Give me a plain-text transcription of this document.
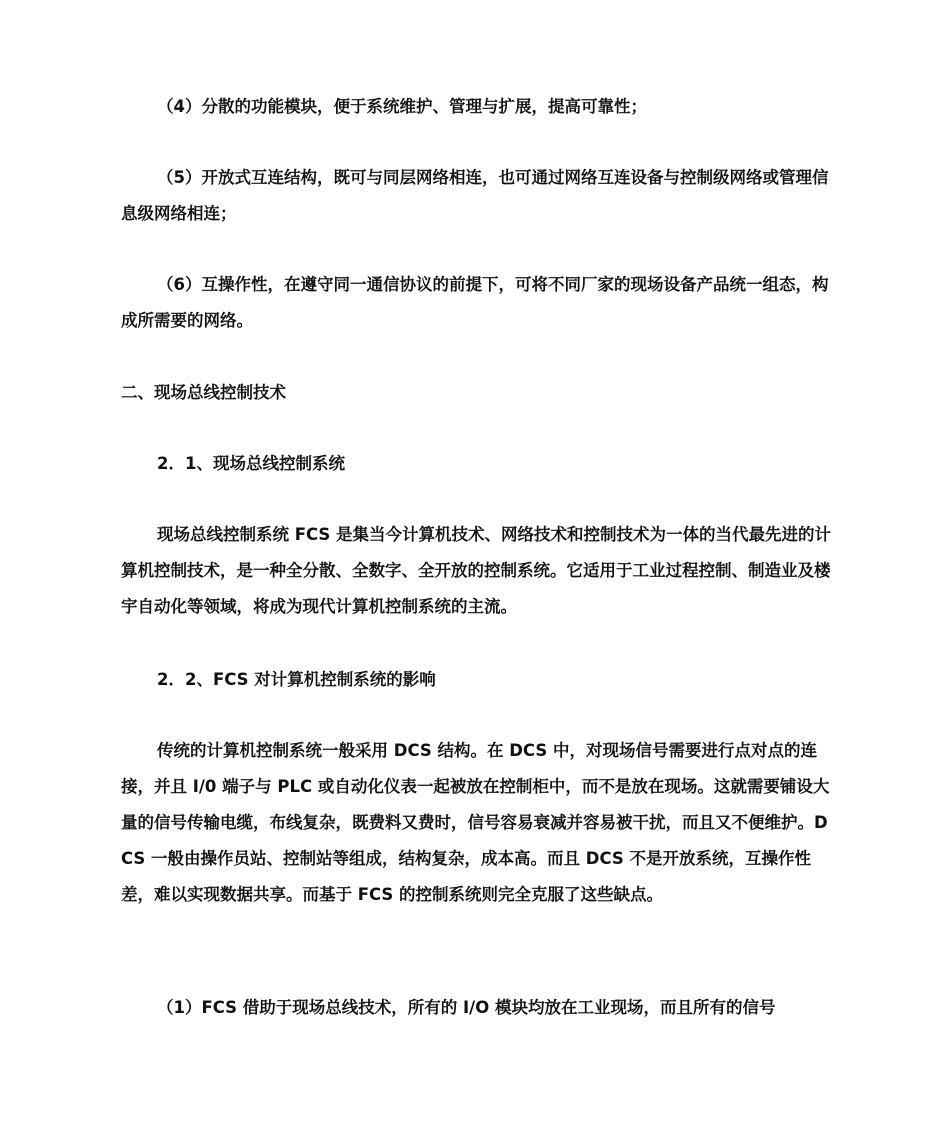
（4）分散的功能模块，便于系统维护、管理与扩展，提高可靠性；

（5）开放式互连结构，既可与同层网络相连，也可通过网络互连设备与控制级网络或管理信息级网络相连；

（6）互操作性，在遵守同一通信协议的前提下，可将不同厂家的现场设备产品统一组态，构成所需要的网络。

二、现场总线控制技术
2．1、现场总线控制系统

现场总线控制系统 FCS 是集当今计算机技术、网络技术和控制技术为一体的当代最先进的计算机控制技术，是一种全分散、全数字、全开放的控制系统。它适用于工业过程控制、制造业及楼宇自动化等领域，将成为现代计算机控制系统的主流。

2．2、FCS 对计算机控制系统的影响

传统的计算机控制系统一般采用 DCS 结构。在 DCS 中，对现场信号需要进行点对点的连接，并且 I/0 端子与 PLC 或自动化仪表一起被放在控制柜中，而不是放在现场。这就需要铺设大量的信号传输电缆，布线复杂，既费料又费时，信号容易衰减并容易被干扰，而且又不便维护。DCS 一般由操作员站、控制站等组成，结构复杂，成本高。而且 DCS 不是开放系统，互操作性差，难以实现数据共享。而基于 FCS 的控制系统则完全克服了这些缺点。

（1）FCS 借助于现场总线技术，所有的 I/O 模块均放在工业现场，而且所有的信号
